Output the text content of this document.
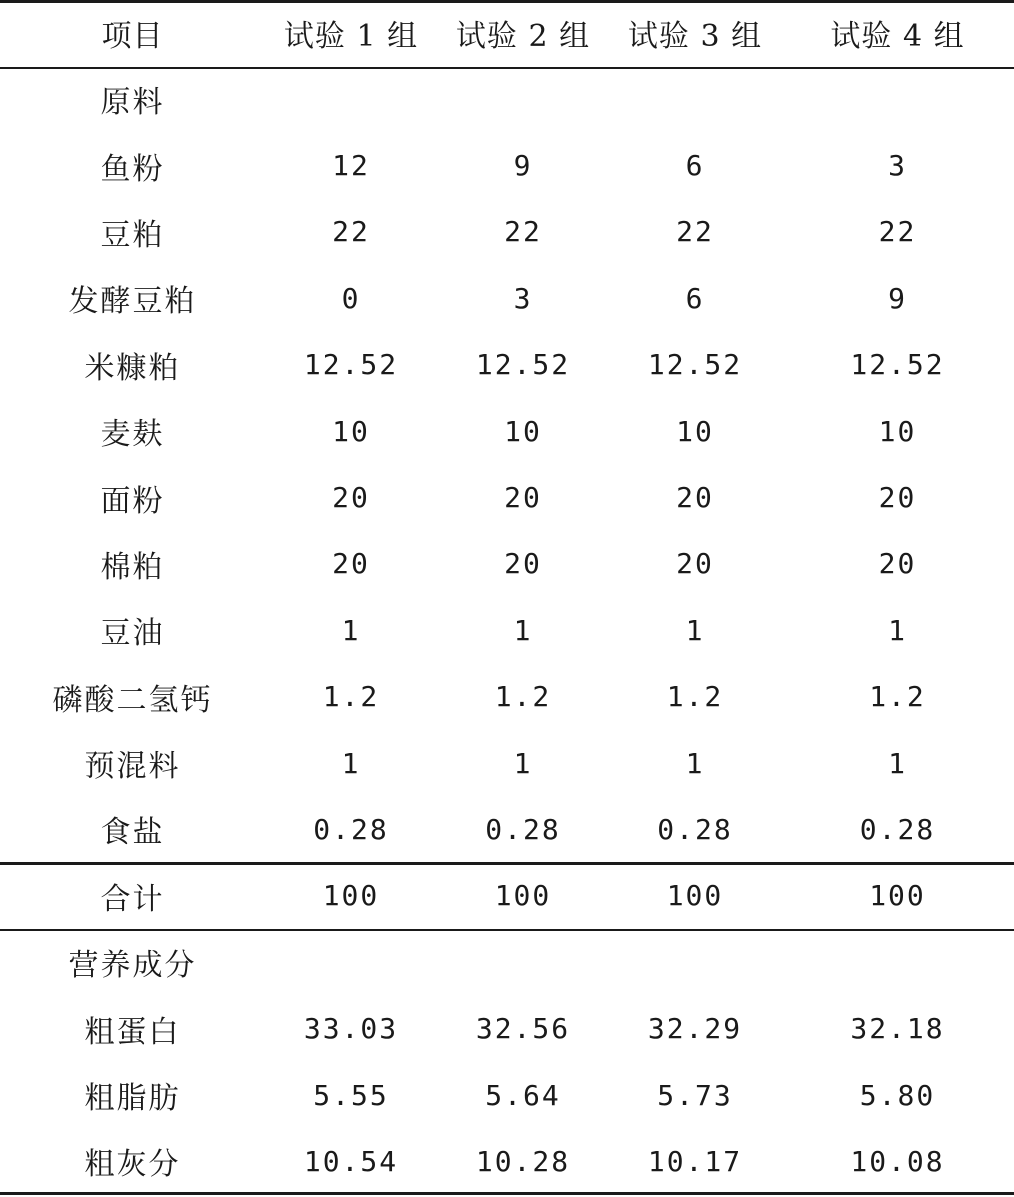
项目	试验 1 组	试验 2 组	试验 3 组	试验 4 组
原料				
鱼粉	12	9	6	3
豆粕	22	22	22	22
发酵豆粕	0	3	6	9
米糠粕	12.52	12.52	12.52	12.52
麦麸	10	10	10	10
面粉	20	20	20	20
棉粕	20	20	20	20
豆油	1	1	1	1
磷酸二氢钙	1.2	1.2	1.2	1.2
预混料	1	1	1	1
食盐	0.28	0.28	0.28	0.28
合计	100	100	100	100
营养成分				
粗蛋白	33.03	32.56	32.29	32.18
粗脂肪	5.55	5.64	5.73	5.80
粗灰分	10.54	10.28	10.17	10.08
